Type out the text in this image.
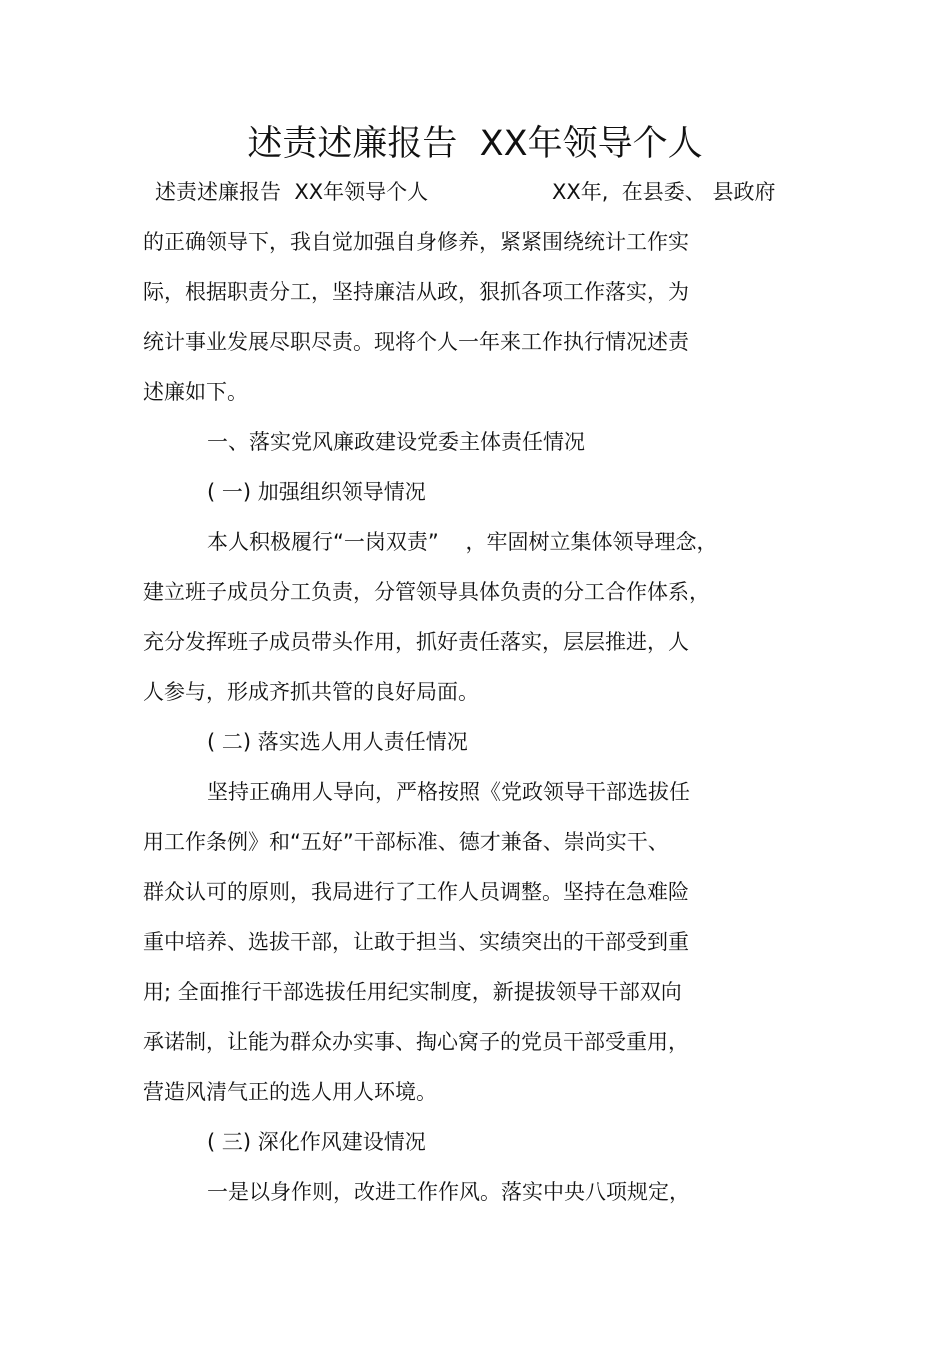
述责述廉报告  XX年领导个人
述责述廉报告  XX年领导个人	XX年,  在县委、 县政府
的正确领导下，我自觉加强自身修养，紧紧围绕统计工作实
际，根据职责分工，坚持廉洁从政，狠抓各项工作落实，为
统计事业发展尽职尽责。现将个人一年来工作执行情况述责
述廉如下。
一、落实党风廉政建设党委主体责任情况
( 一) 加强组织领导情况
本人积极履行“一岗双责”    ，牢固树立集体领导理念，
建立班子成员分工负责，分管领导具体负责的分工合作体系，
充分发挥班子成员带头作用，抓好责任落实，层层推进，人
人参与，形成齐抓共管的良好局面。
( 二) 落实选人用人责任情况
坚持正确用人导向，严格按照《党政领导干部选拔任
用工作条例》和“五好”干部标准、德才兼备、崇尚实干、
群众认可的原则，我局进行了工作人员调整。坚持在急难险
重中培养、选拔干部，让敢于担当、实绩突出的干部受到重
用; 全面推行干部选拔任用纪实制度，新提拔领导干部双向
承诺制，让能为群众办实事、掏心窝子的党员干部受重用，
营造风清气正的选人用人环境。
( 三) 深化作风建设情况
一是以身作则，改进工作作风。落实中央八项规定，
